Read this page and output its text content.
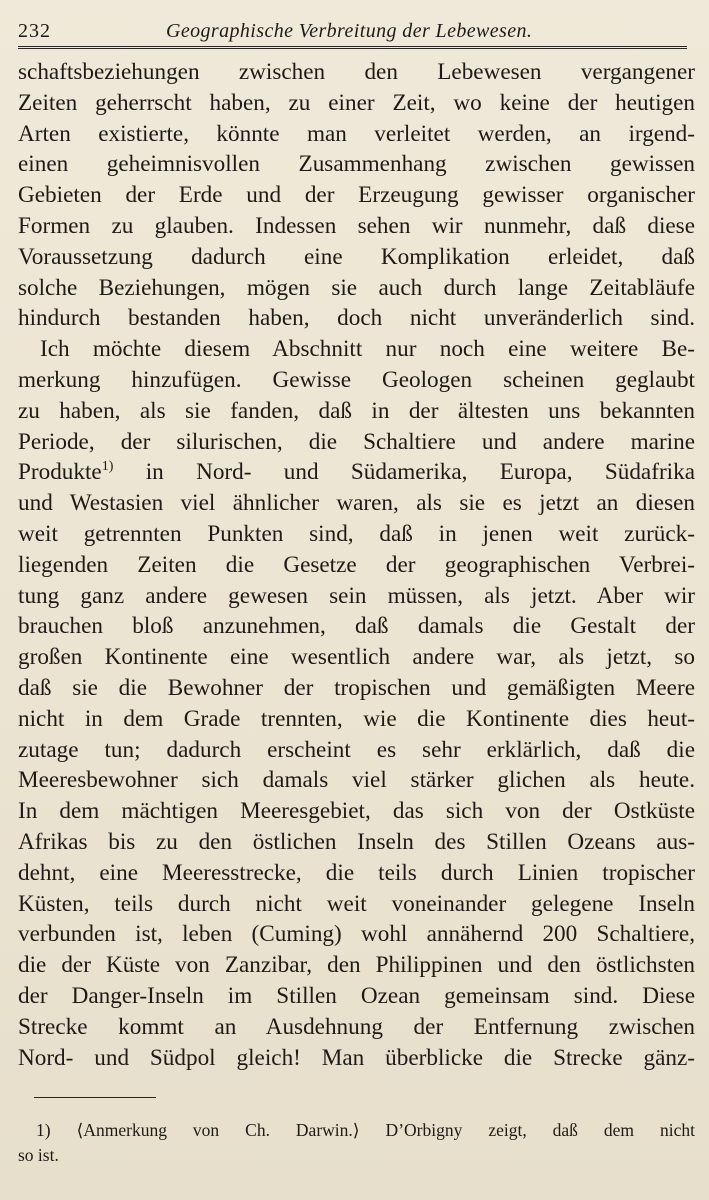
232	Geographische Verbreitung der Lebewesen.
schaftsbeziehungen zwischen den Lebewesen vergangener
Zeiten geherrscht haben, zu einer Zeit, wo keine der heutigen
Arten existierte, könnte man verleitet werden, an irgend-
einen geheimnisvollen Zusammenhang zwischen gewissen
Gebieten der Erde und der Erzeugung gewisser organischer
Formen zu glauben. Indessen sehen wir nunmehr, daß diese
Voraussetzung dadurch eine Komplikation erleidet, daß
solche Beziehungen, mögen sie auch durch lange Zeitabläufe
hindurch bestanden haben, doch nicht unveränderlich sind.
Ich möchte diesem Abschnitt nur noch eine weitere Be-
merkung hinzufügen. Gewisse Geologen scheinen geglaubt
zu haben, als sie fanden, daß in der ältesten uns bekannten
Periode, der silurischen, die Schaltiere und andere marine
Produkte$^{1)}$ in Nord- und Südamerika, Europa, Südafrika
und Westasien viel ähnlicher waren, als sie es jetzt an diesen
weit getrennten Punkten sind, daß in jenen weit zurück-
liegenden Zeiten die Gesetze der geographischen Verbrei-
tung ganz andere gewesen sein müssen, als jetzt. Aber wir
brauchen bloß anzunehmen, daß damals die Gestalt der
großen Kontinente eine wesentlich andere war, als jetzt, so
daß sie die Bewohner der tropischen und gemäßigten Meere
nicht in dem Grade trennten, wie die Kontinente dies heut-
zutage tun; dadurch erscheint es sehr erklärlich, daß die
Meeresbewohner sich damals viel stärker glichen als heute.
In dem mächtigen Meeresgebiet, das sich von der Ostküste
Afrikas bis zu den östlichen Inseln des Stillen Ozeans aus-
dehnt, eine Meeresstrecke, die teils durch Linien tropischer
Küsten, teils durch nicht weit voneinander gelegene Inseln
verbunden ist, leben (Cuming) wohl annähernd 200 Schaltiere,
die der Küste von Zanzibar, den Philippinen und den östlichsten
der Danger-Inseln im Stillen Ozean gemeinsam sind. Diese
Strecke kommt an Ausdehnung der Entfernung zwischen
Nord- und Südpol gleich! Man überblicke die Strecke gänz-
1) ⟨Anmerkung von Ch. Darwin.⟩ D’Orbigny zeigt, daß dem nicht
so ist.
